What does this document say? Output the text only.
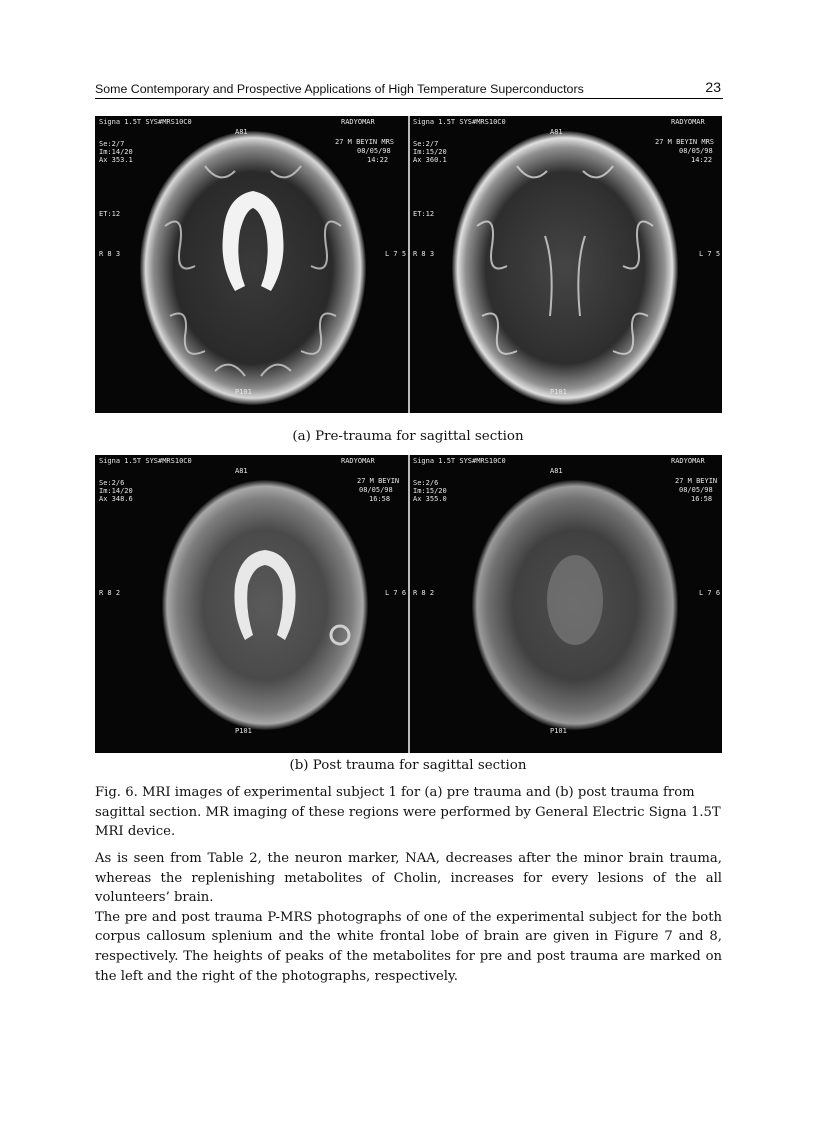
Some Contemporary and Prospective Applications of High Temperature Superconductors	23
Signa 1.5T SYS#MRS10C0	RADYOMAR
A81
27 M BEYIN MRS
08/05/98
14:22
Se:2/7
Im:14/20
Ax 353.1
ET:12
R 8 3	L 7 5
P101
Signa 1.5T SYS#MRS10C0	RADYOMAR
A81
27 M BEYIN MRS
08/05/98
14:22
Se:2/7
Im:15/20
Ax 360.1
ET:12
R 8 3	L 7 5
P101
(a) Pre-trauma for sagittal section
Signa 1.5T SYS#MRS10C0	RADYOMAR
A81
27 M BEYIN
08/05/98
16:58
Se:2/6
Im:14/20
Ax 348.6
R 8 2	L 7 6
P101
Signa 1.5T SYS#MRS10C0	RADYOMAR
A81
27 M BEYIN
08/05/98
16:58
Se:2/6
Im:15/20
Ax 355.0
R 8 2	L 7 6
P101
(b) Post trauma for sagittal section
Fig. 6. MRI images of experimental subject 1 for (a) pre trauma and (b) post trauma from sagittal section. MR imaging of these regions were performed by General Electric Signa 1.5T MRI device.

As is seen from Table 2, the neuron marker, NAA, decreases after the minor brain trauma, whereas the replenishing metabolites of Cholin, increases for every lesions of the all volunteers’ brain.

The pre and post trauma P-MRS photographs of one of the experimental subject for the both corpus callosum splenium and the white frontal lobe of brain are given in Figure 7 and 8, respectively. The heights of peaks of the metabolites for pre and post trauma are marked on the left and the right of the photographs, respectively.
